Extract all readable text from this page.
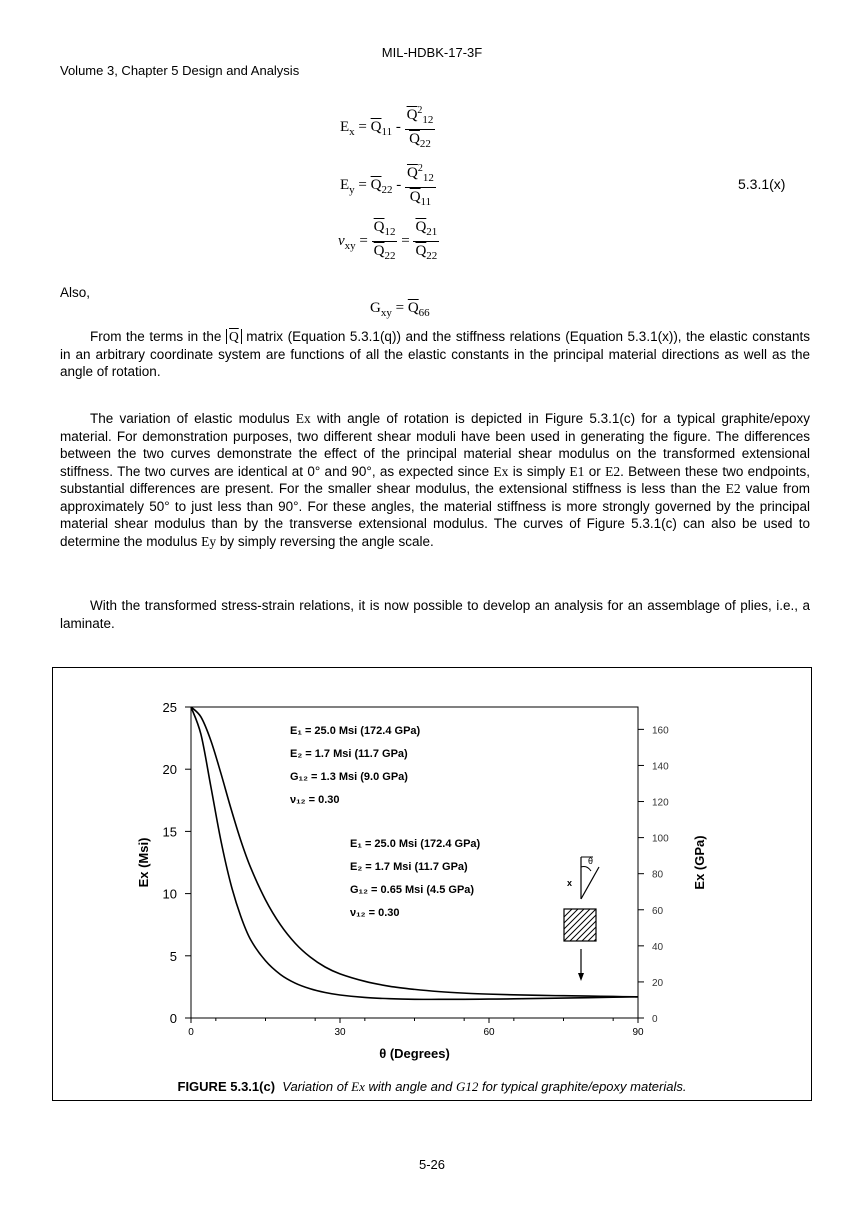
MIL-HDBK-17-3F
Volume 3, Chapter 5 Design and Analysis
$E_x = \overline{Q}_{11} - \frac{\overline{Q}^2_{12}}{\overline{Q}_{22}}$
$E_y = \overline{Q}_{22} - \frac{\overline{Q}^2_{12}}{\overline{Q}_{11}}$	5.3.1(x)
$\nu_{xy} = \frac{\overline{Q}_{12}}{\overline{Q}_{22}} = \frac{\overline{Q}_{21}}{\overline{Q}_{22}}$
Also,
$G_{xy} = \overline{Q}_{66}$
From the terms in the $\overline{Q}$ matrix (Equation 5.3.1(q)) and the stiffness relations (Equation 5.3.1(x)), the elastic constants in an arbitrary coordinate system are functions of all the elastic constants in the principal material directions as well as the angle of rotation.
The variation of elastic modulus Ex with angle of rotation is depicted in Figure 5.3.1(c) for a typical graphite/epoxy material. For demonstration purposes, two different shear moduli have been used in generating the figure. The differences between the two curves demonstrate the effect of the principal material shear modulus on the transformed extensional stiffness. The two curves are identical at 0° and 90°, as expected since Ex is simply E1 or E2. Between these two endpoints, substantial differences are present. For the smaller shear modulus, the extensional stiffness is less than the E2 value from approximately 50° to just less than 90°. For these angles, the material stiffness is more strongly governed by the principal material shear modulus than by the transverse extensional modulus. The curves of Figure 5.3.1(c) can also be used to determine the modulus Ey by simply reversing the angle scale.
With the transformed stress-strain relations, it is now possible to develop an analysis for an assemblage of plies, i.e., a laminate.
0	30	60	90
0
5
10
15
20
25
0
20
40
60
80
100
120
140
160
θ (Degrees)
Ex (Msi)	Ex (GPa)
E₁ = 25.0 Msi (172.4 GPa)
E₂ = 1.7 Msi (11.7 GPa)
G₁₂ = 1.3 Msi (9.0 GPa)
ν₁₂ = 0.30
E₁ = 25.0 Msi (172.4 GPa)
E₂ = 1.7 Msi (11.7 GPa)
G₁₂ = 0.65 Msi (4.5 GPa)
ν₁₂ = 0.30
x
θ
FIGURE 5.3.1(c) Variation of Ex with angle and G12 for typical graphite/epoxy materials.
5-26
